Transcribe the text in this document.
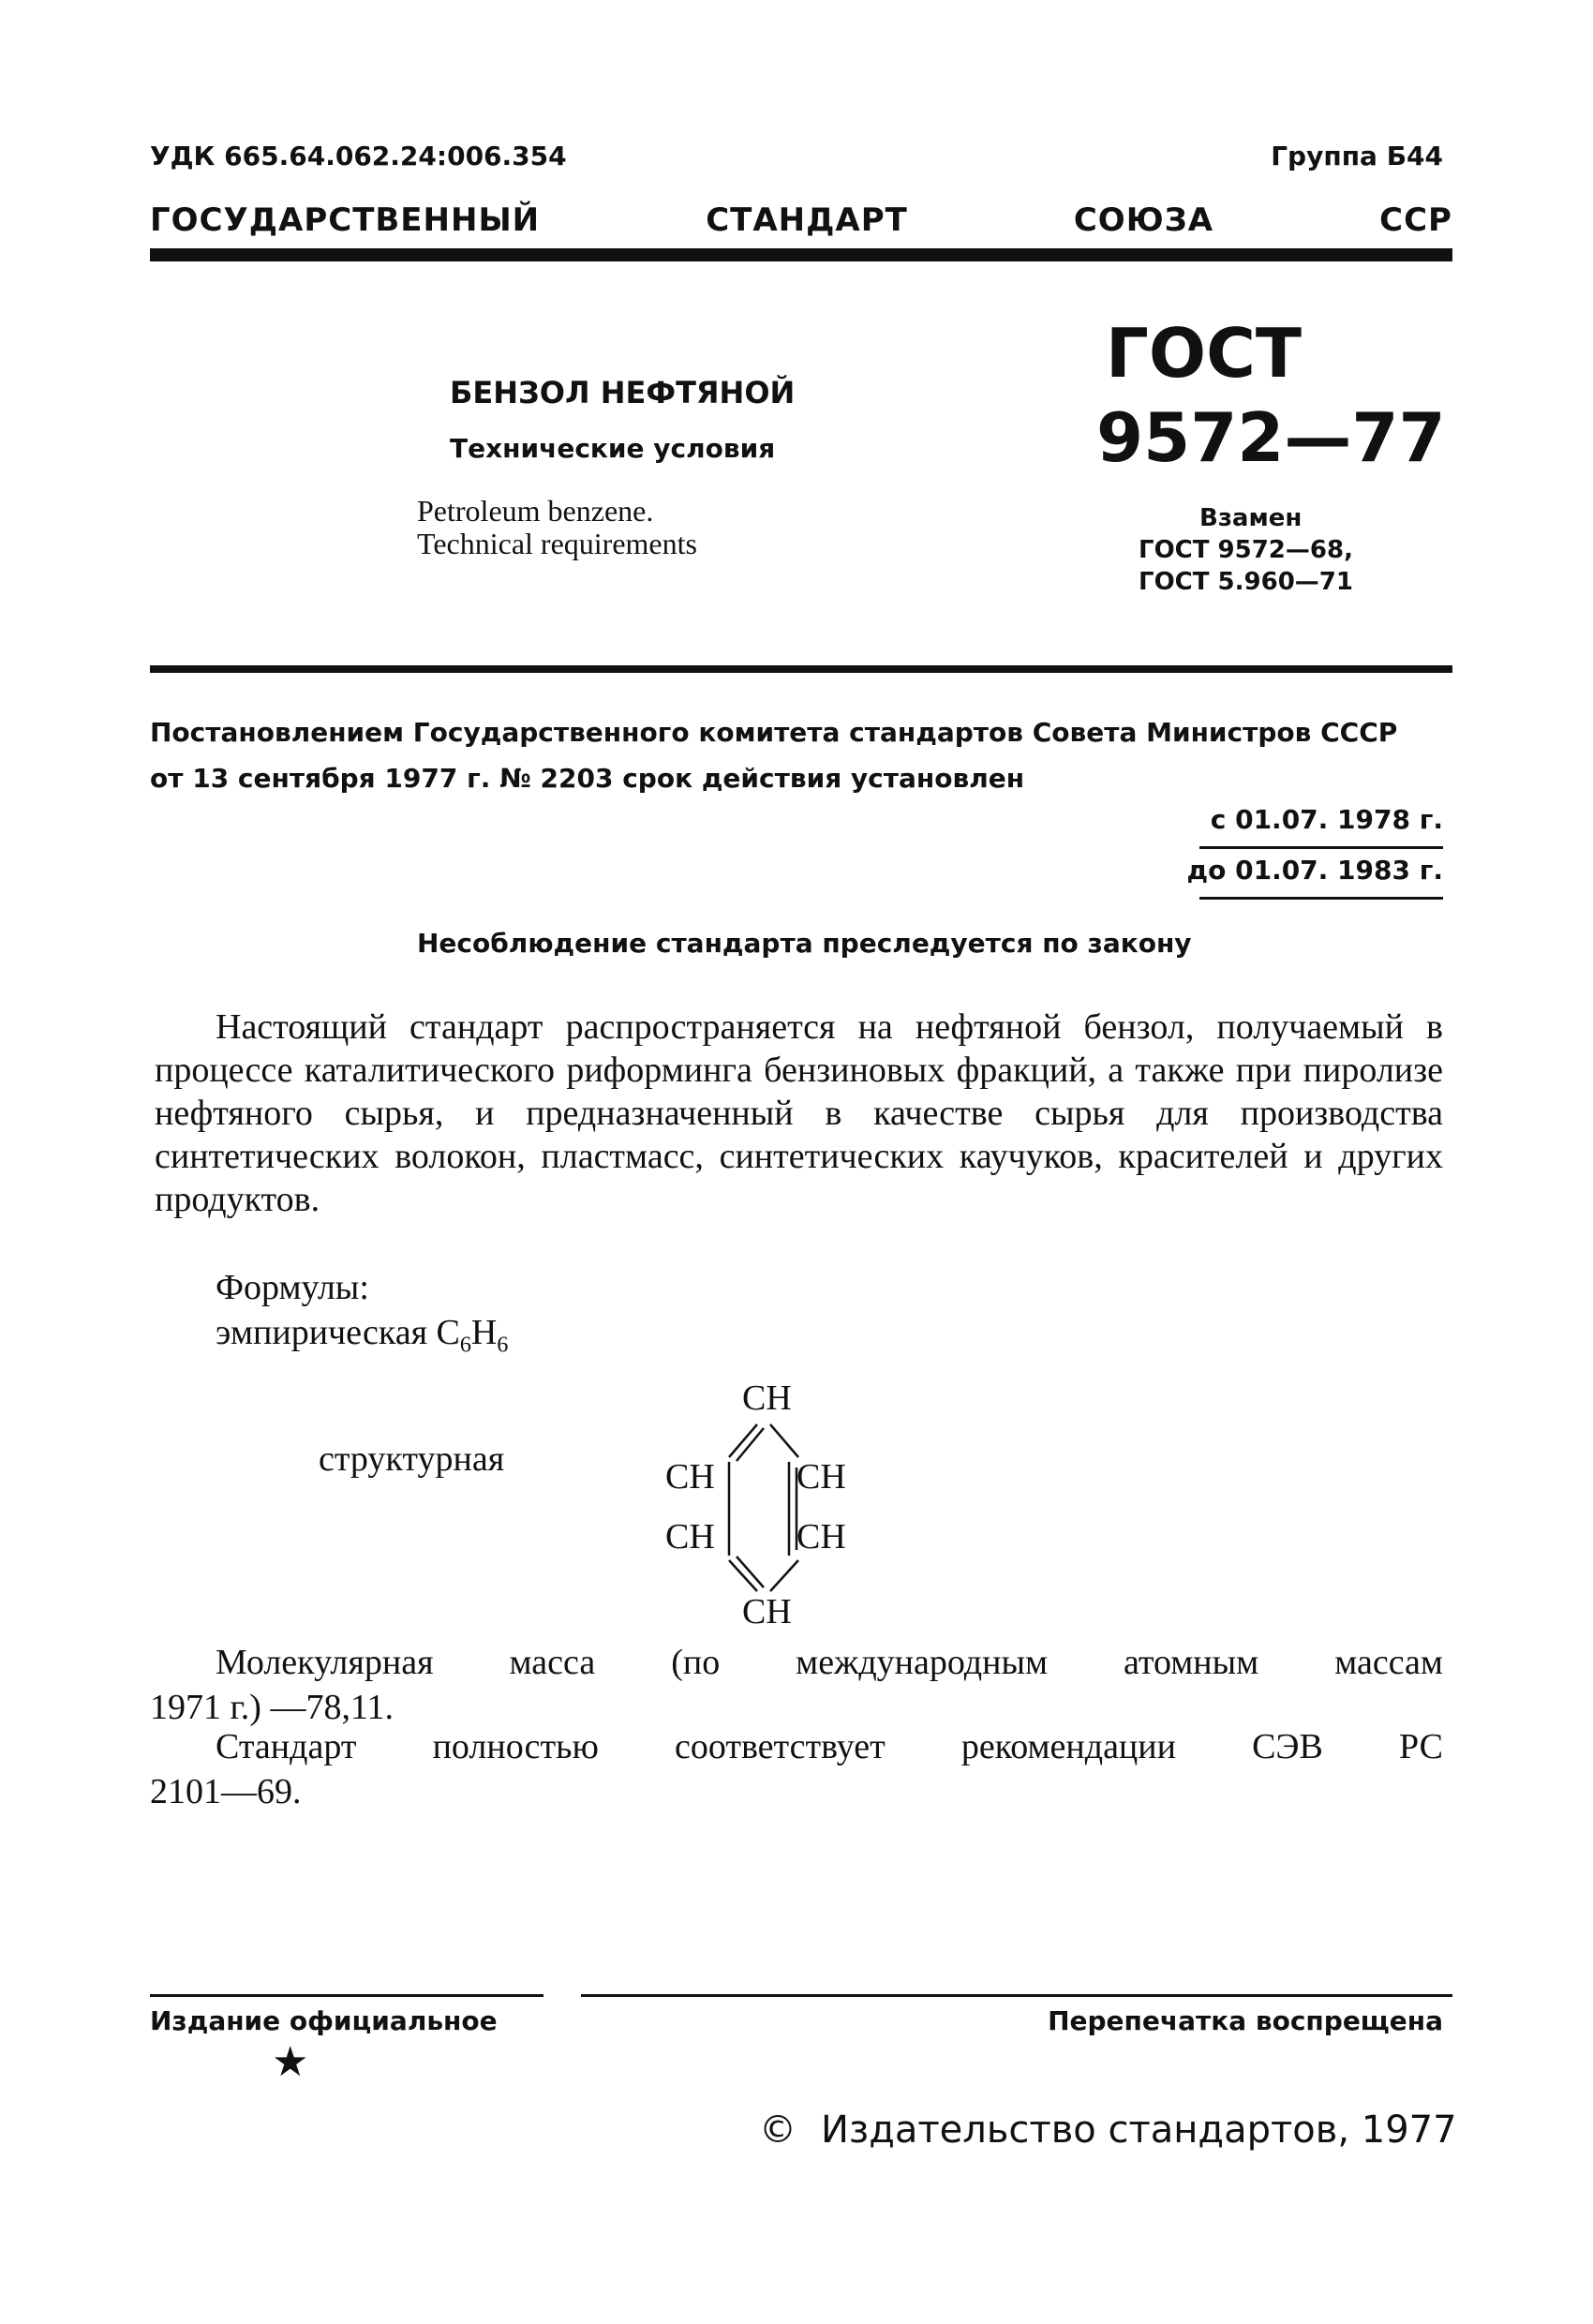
УДК 665.64.062.24:006.354	Группа Б44
ГОСУДАРСТВЕННЫЙ	СТАНДАРТ	СОЮЗА	ССР
БЕНЗОЛ НЕФТЯНОЙ
Технические условия
Petroleum benzene.
Technical requirements
ГОСТ
9572—77
Взамен
ГОСТ 9572—68,
ГОСТ 5.960—71
Постановлением Государственного комитета стандартов Совета Министров СССР
от 13 сентября 1977 г. № 2203 срок действия установлен
с 01.07. 1978 г.
до 01.07. 1983 г.
Несоблюдение стандарта преследуется по закону
Настоящий стандарт распространяется на нефтяной бензол, получаемый в процессе каталитического риформинга бензиновых фракций, а также при пиролизе нефтяного сырья, и предназначенный в качестве сырья для производства синтетических волокон, пластмасс, синтетических каучуков, красителей и других продуктов.
Формулы:
эмпирическая $C_6H_6$
структурная
CH
CH CH
CH CH
CH
Молекулярная масса (по международным атомным массам
1971 г.) —78,11.
Стандарт полностью соответствует рекомендации СЭВ РС
2101—69.
Издание официальное	Перепечатка воспрещена
★
© Издательство стандартов, 1977
